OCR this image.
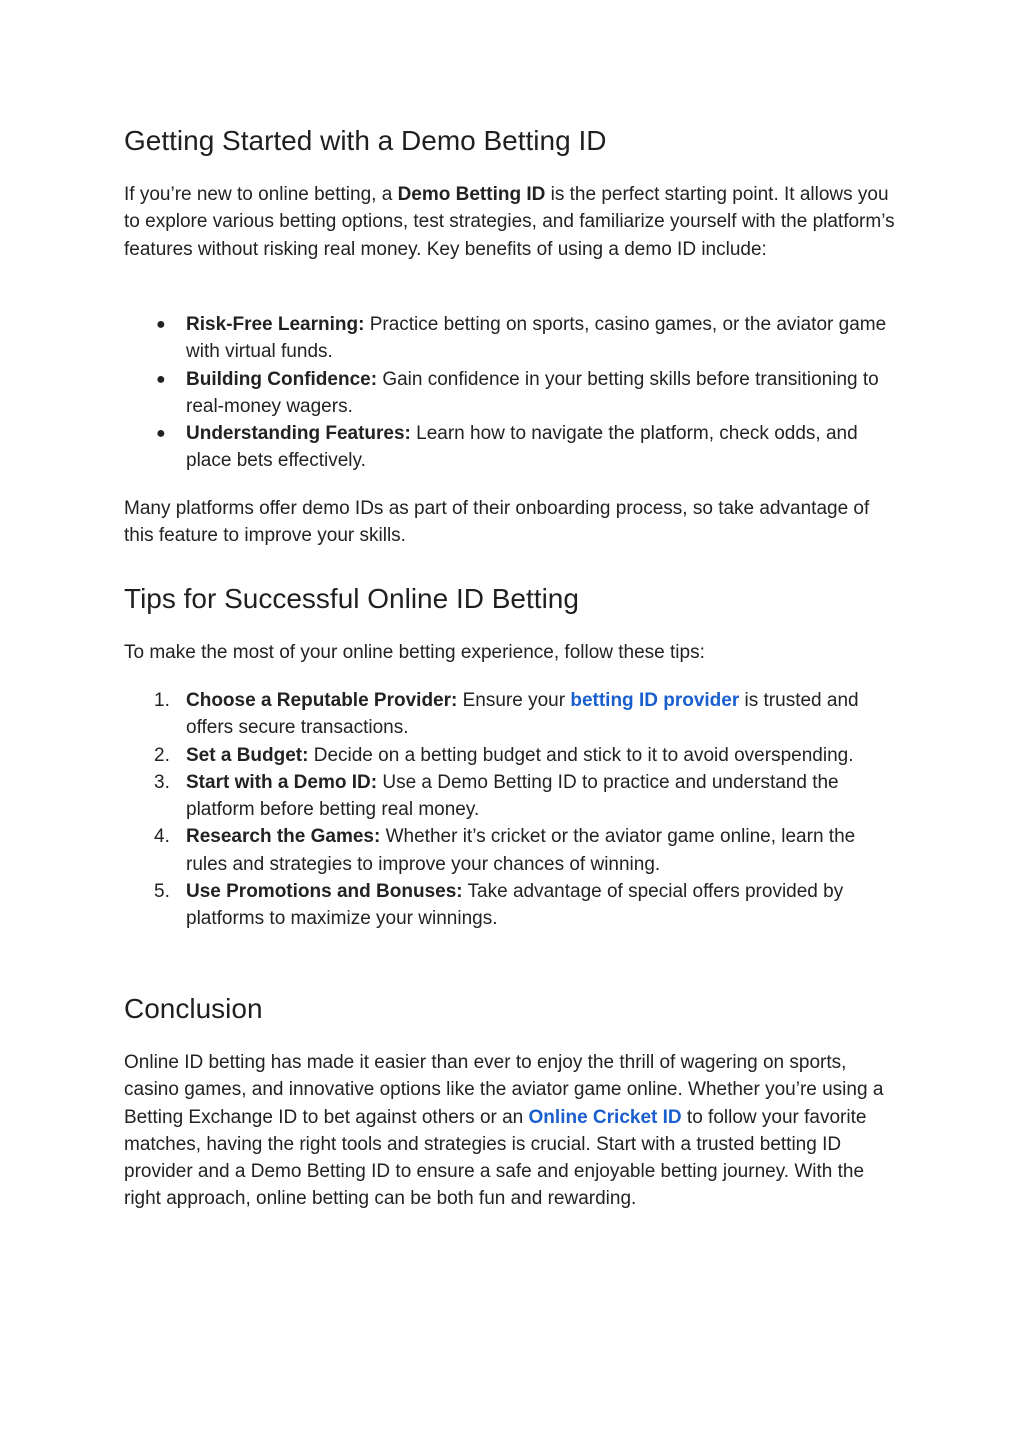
Getting Started with a Demo Betting ID

If you’re new to online betting, a Demo Betting ID is the perfect starting point. It allows you to explore various betting options, test strategies, and familiarize yourself with the platform’s features without risking real money. Key benefits of using a demo ID include:

● Risk-Free Learning: Practice betting on sports, casino games, or the aviator game with virtual funds.
● Building Confidence: Gain confidence in your betting skills before transitioning to real-money wagers.
● Understanding Features: Learn how to navigate the platform, check odds, and place bets effectively.

Many platforms offer demo IDs as part of their onboarding process, so take advantage of this feature to improve your skills.

Tips for Successful Online ID Betting

To make the most of your online betting experience, follow these tips:

1. Choose a Reputable Provider: Ensure your betting ID provider is trusted and offers secure transactions.
2. Set a Budget: Decide on a betting budget and stick to it to avoid overspending.
3. Start with a Demo ID: Use a Demo Betting ID to practice and understand the platform before betting real money.
4. Research the Games: Whether it’s cricket or the aviator game online, learn the rules and strategies to improve your chances of winning.
5. Use Promotions and Bonuses: Take advantage of special offers provided by platforms to maximize your winnings.
Conclusion

Online ID betting has made it easier than ever to enjoy the thrill of wagering on sports, casino games, and innovative options like the aviator game online. Whether you’re using a Betting Exchange ID to bet against others or an Online Cricket ID to follow your favorite matches, having the right tools and strategies is crucial. Start with a trusted betting ID provider and a Demo Betting ID to ensure a safe and enjoyable betting journey. With the right approach, online betting can be both fun and rewarding.
